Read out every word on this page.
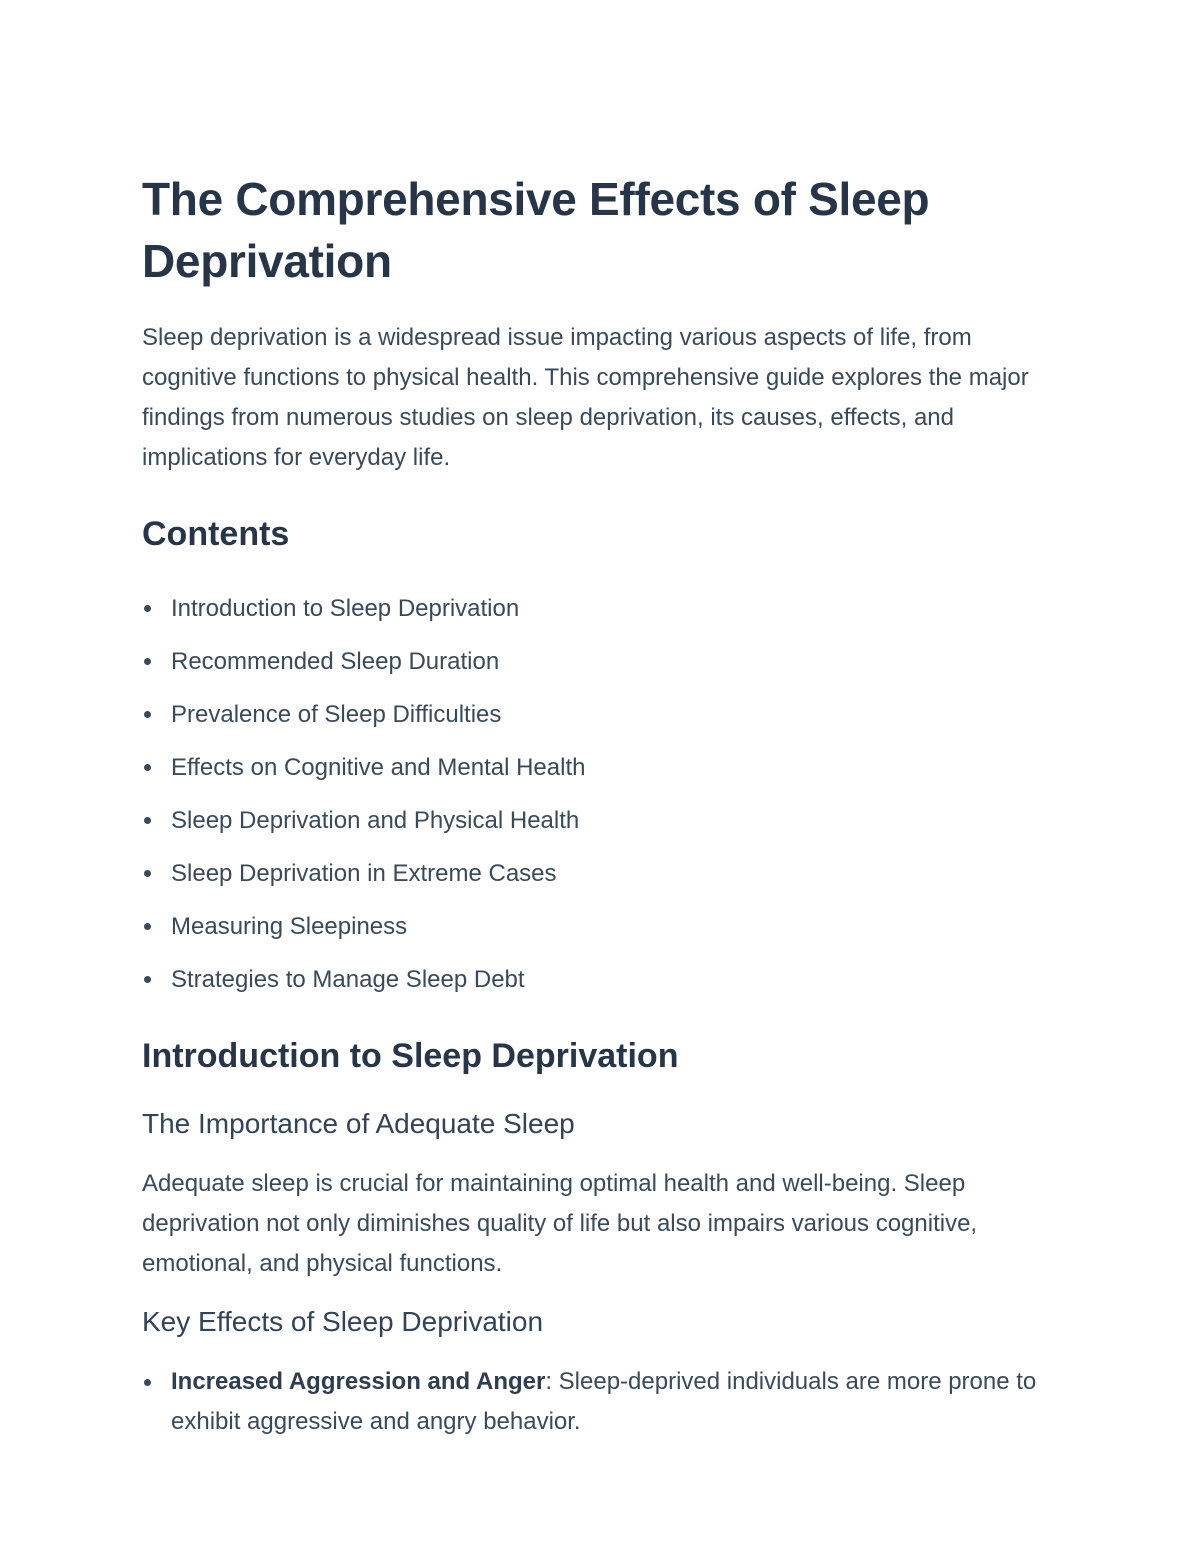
The Comprehensive Effects of Sleep Deprivation

Sleep deprivation is a widespread issue impacting various aspects of life, from cognitive functions to physical health. This comprehensive guide explores the major findings from numerous studies on sleep deprivation, its causes, effects, and implications for everyday life.

Contents
Introduction to Sleep Deprivation
Recommended Sleep Duration
Prevalence of Sleep Difficulties
Effects on Cognitive and Mental Health
Sleep Deprivation and Physical Health
Sleep Deprivation in Extreme Cases
Measuring Sleepiness
Strategies to Manage Sleep Debt
Introduction to Sleep Deprivation
The Importance of Adequate Sleep

Adequate sleep is crucial for maintaining optimal health and well-being. Sleep deprivation not only diminishes quality of life but also impairs various cognitive, emotional, and physical functions.

Key Effects of Sleep Deprivation
Increased Aggression and Anger: Sleep-deprived individuals are more prone to exhibit aggressive and angry behavior.
